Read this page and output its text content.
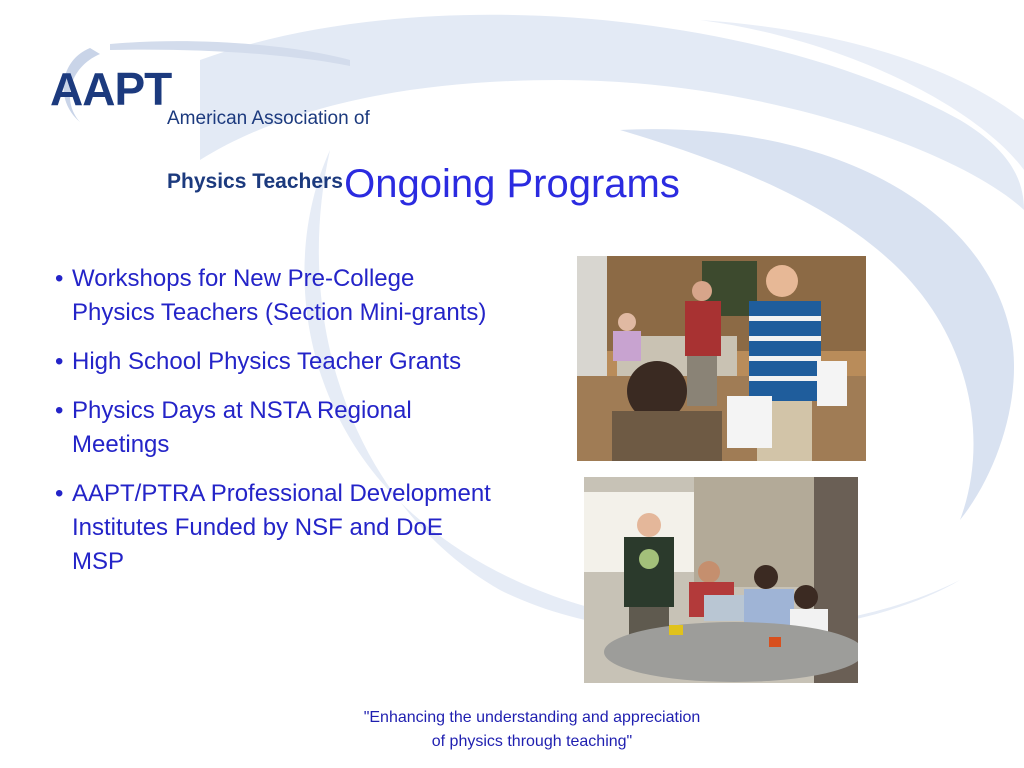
AAPT

American Association of

Physics Teachers

Ongoing Programs
• Workshops for New Pre-College Physics Teachers (Section Mini-grants)
• High School Physics Teacher Grants
• Physics Days at NSTA Regional Meetings
• AAPT/PTRA Professional Development Institutes Funded by NSF and DoE MSP
"Enhancing the understanding and appreciation
of physics through teaching"
